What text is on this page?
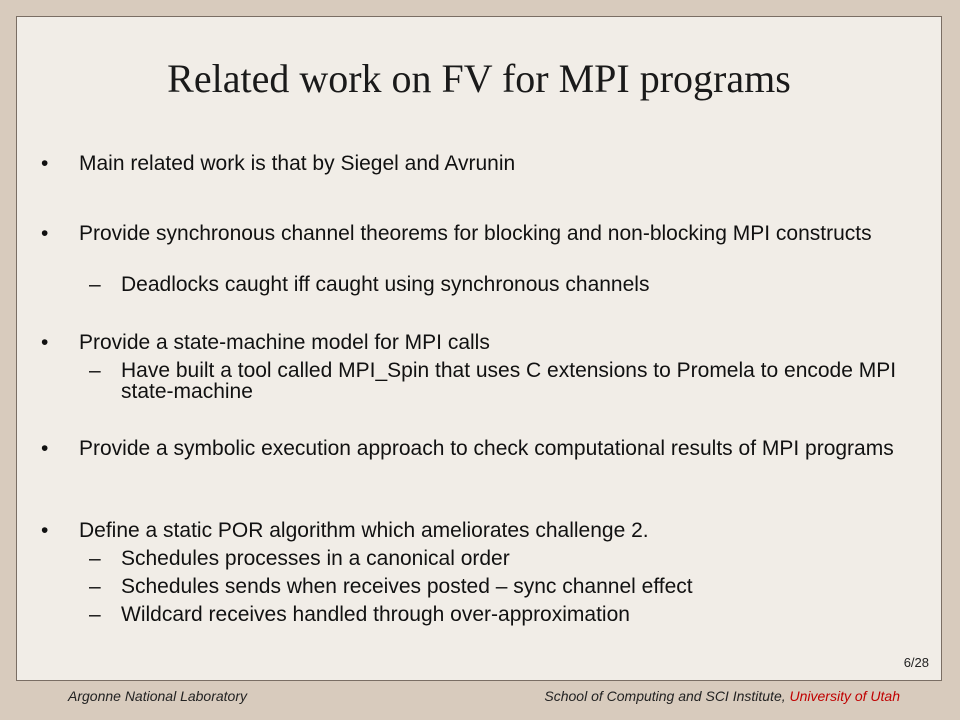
Related work on FV for MPI programs
• Main related work is that by Siegel and Avrunin
• Provide synchronous channel theorems for blocking and non-blocking MPI constructs
– Deadlocks caught iff caught using synchronous channels
• Provide a state-machine model for MPI calls
– Have built a tool called MPI_Spin that uses C extensions to Promela to encode MPI state-machine
• Provide a symbolic execution approach to check computational results of MPI programs
• Define a static POR algorithm which ameliorates challenge 2.
– Schedules processes in a canonical order
– Schedules sends when receives posted – sync channel effect
– Wildcard receives handled through over-approximation
6/28
Argonne National Laboratory	School of Computing and SCI Institute, University of Utah
